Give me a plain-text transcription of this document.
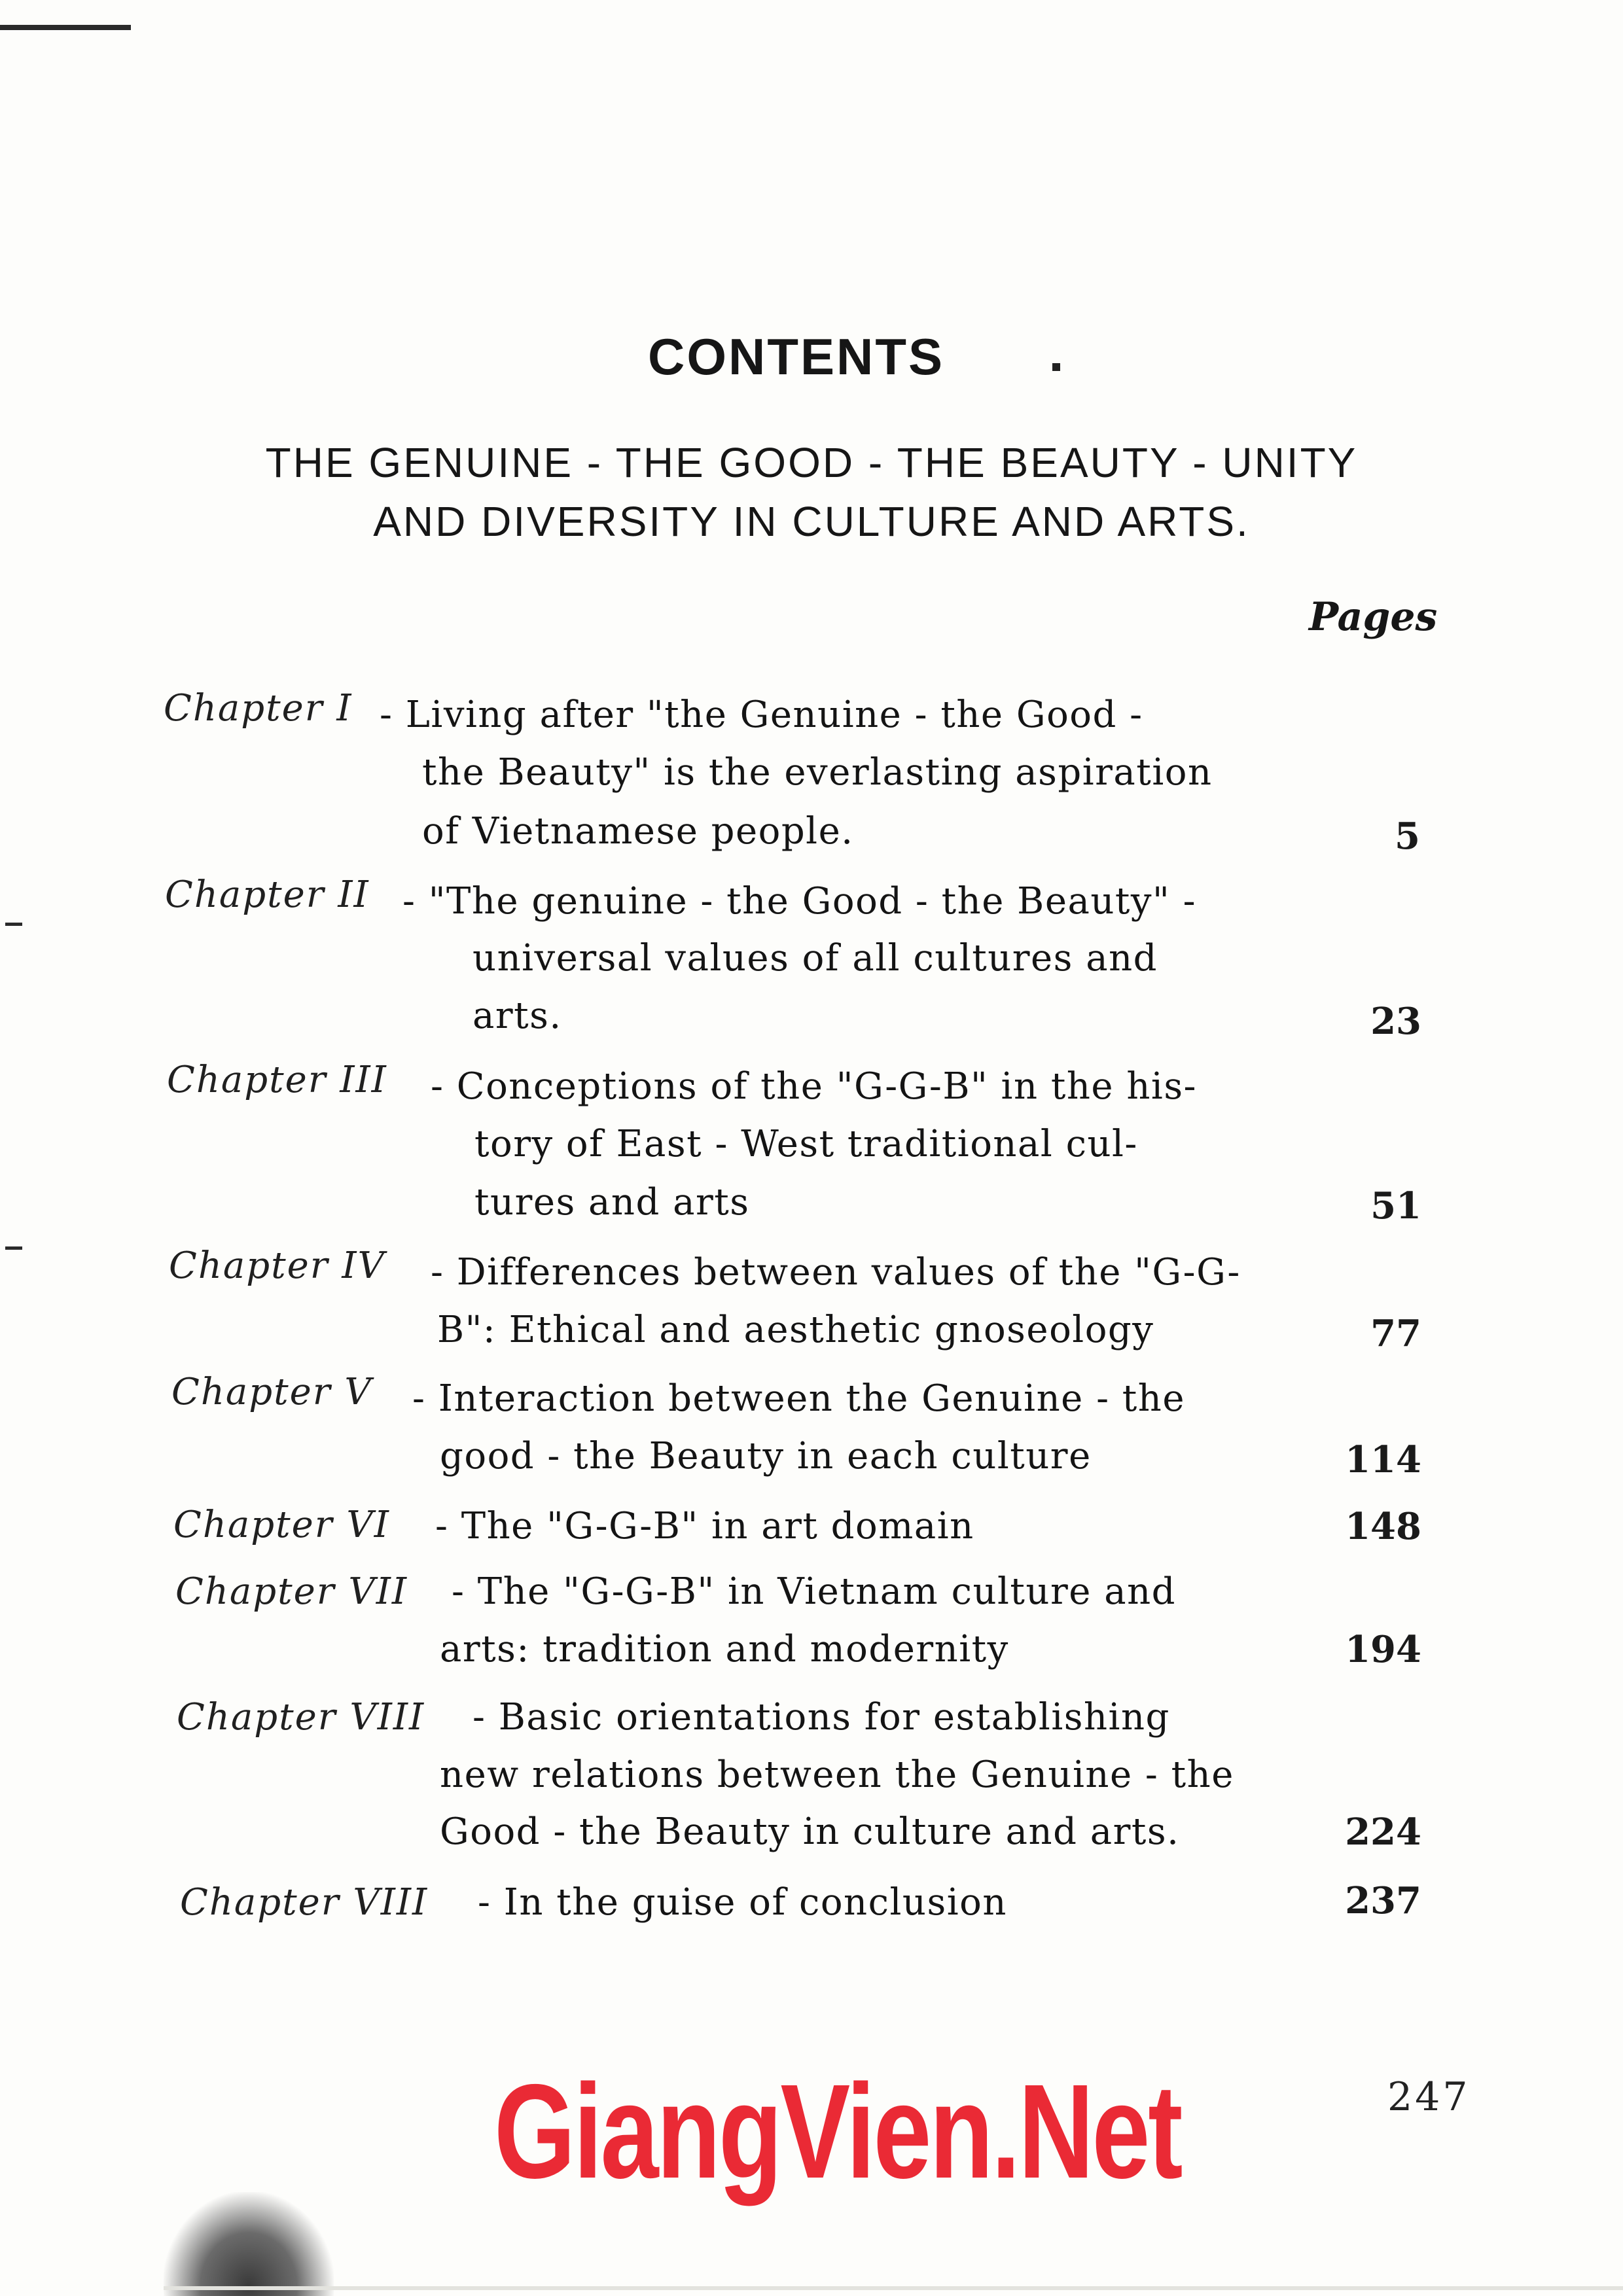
CONTENTS
THE GENUINE - THE GOOD - THE BEAUTY - UNITY
AND DIVERSITY IN CULTURE AND ARTS.
Pages
Chapter I - Living after "the Genuine - the Good -
the Beauty" is the everlasting aspiration
of Vietnamese people.	5
Chapter II - "The genuine - the Good - the Beauty" -
universal values of all cultures and
arts.	23
Chapter III - Conceptions of the "G-G-B" in the his-
tory of East - West traditional cul-
tures and arts	51
Chapter IV - Differences between values of the "G-G-
B": Ethical and aesthetic gnoseology	77
Chapter V - Interaction between the Genuine - the
good - the Beauty in each culture	114
Chapter VI - The "G-G-B" in art domain	148
Chapter VII - The "G-G-B" in Vietnam culture and
arts: tradition and modernity	194
Chapter VIII - Basic orientations for establishing
new relations between the Genuine - the
Good - the Beauty in culture and arts.	224
Chapter VIII - In the guise of conclusion	237
GiangVien.Net	247
